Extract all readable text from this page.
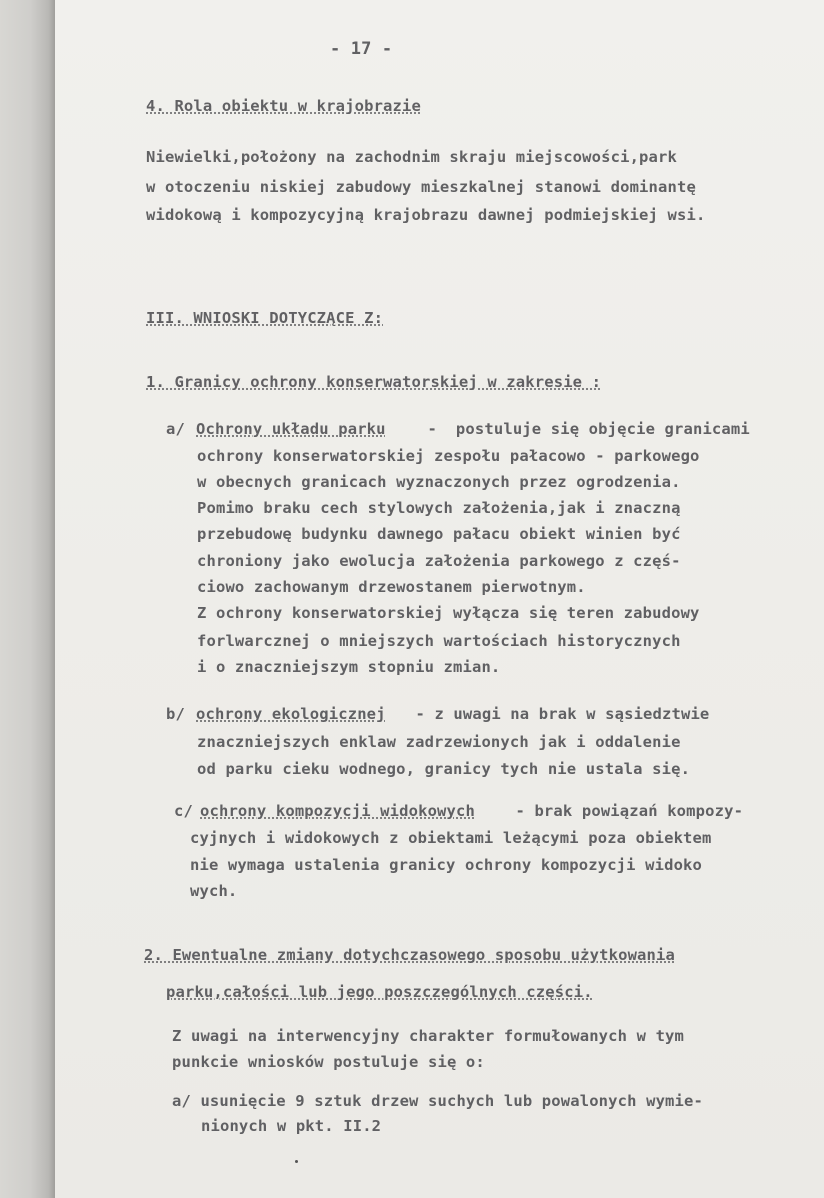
- 17 -
4. Rola obiektu w krajobrazie
Niewielki,położony na zachodnim skraju miejscowości,park
w otoczeniu niskiej zabudowy mieszkalnej stanowi dominantę
widokową i kompozycyjną krajobrazu dawnej podmiejskiej wsi.
III. WNIOSKI DOTYCZĄCE Z:
1. Granicy ochrony konserwatorskiej w zakresie :
a/ Ochrony układu parku -  postuluje się objęcie granicami
ochrony konserwatorskiej zespołu pałacowo - parkowego
w obecnych granicach wyznaczonych przez ogrodzenia.
Pomimo braku cech stylowych założenia,jak i znaczną
przebudowę budynku dawnego pałacu obiekt winien być
chroniony jako ewolucja założenia parkowego z częś-
ciowo zachowanym drzewostanem pierwotnym.
Z ochrony konserwatorskiej wyłącza się teren zabudowy
forlwarcznej o mniejszych wartościach historycznych
i o znaczniejszym stopniu zmian.
b/ ochrony ekologicznej - z uwagi na brak w sąsiedztwie
znaczniejszych enklaw zadrzewionych jak i oddalenie
od parku cieku wodnego, granicy tych nie ustala się.
c/ ochrony kompozycji widokowych - brak powiązań kompozy-
cyjnych i widokowych z obiektami leżącymi poza obiektem
nie wymaga ustalenia granicy ochrony kompozycji widoko
wych.
2. Ewentualne zmiany dotychczasowego sposobu użytkowania
parku,całości lub jego poszczególnych części.
Z uwagi na interwencyjny charakter formułowanych w tym
punkcie wniosków postuluje się o:
a/ usunięcie 9 sztuk drzew suchych lub powalonych wymie-
nionych w pkt. II.2
